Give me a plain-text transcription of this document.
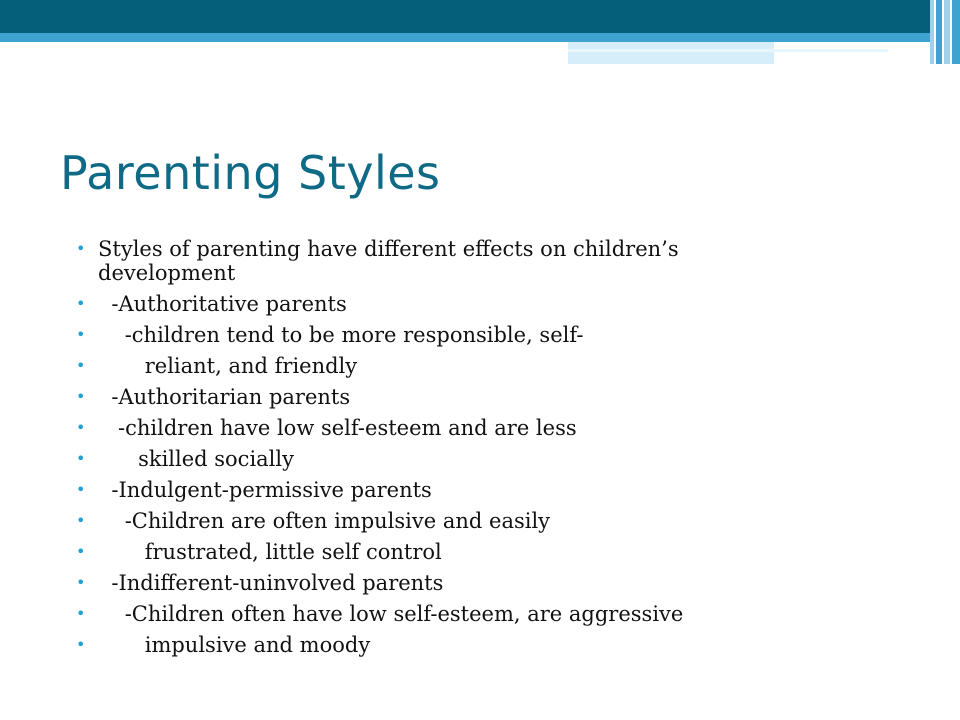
Parenting Styles
• Styles of parenting have different effects on children’s development
• -Authoritative parents
• -children tend to be more responsible, self-
• reliant, and friendly
• -Authoritarian parents
• -children have low self-esteem and are less
• skilled socially
• -Indulgent-permissive parents
• -Children are often impulsive and easily
• frustrated, little self control
• -Indifferent-uninvolved parents
• -Children often have low self-esteem, are aggressive
• impulsive and moody
